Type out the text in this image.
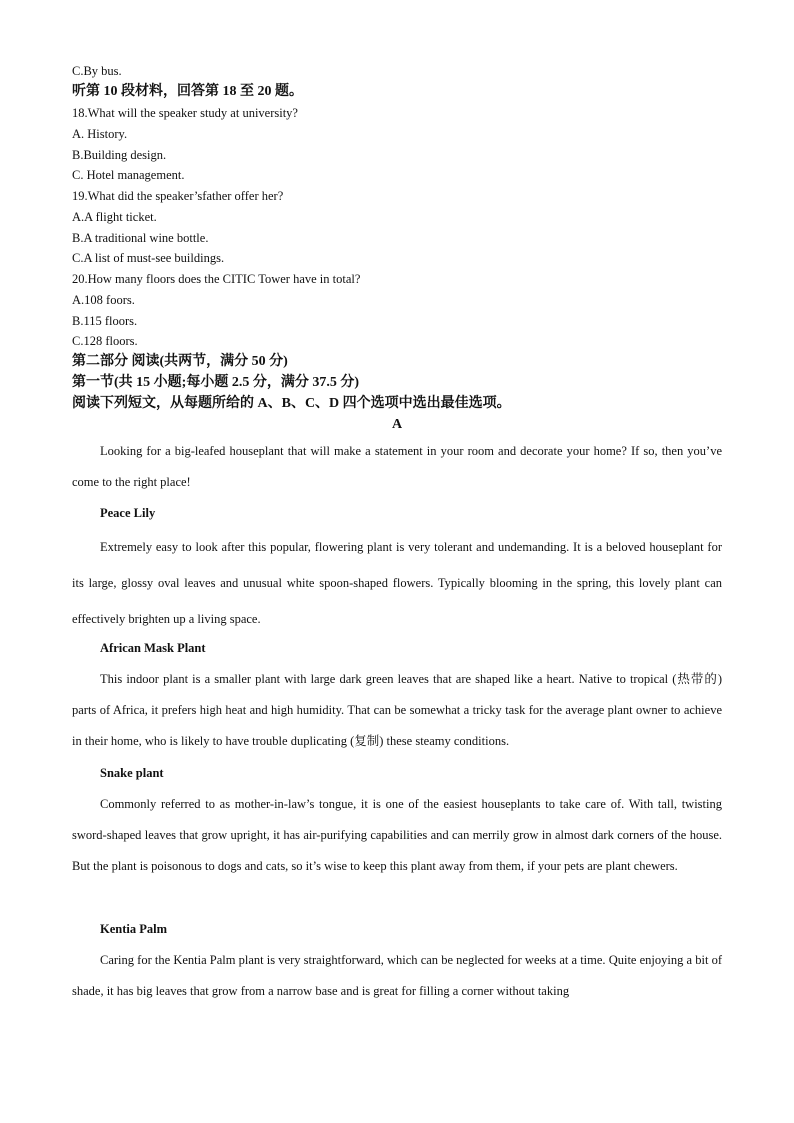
C.By bus.
听第 10 段材料，回答第 18 至 20 题。
18.What will the speaker study at university?
A. History.
B.Building design.
C. Hotel management.
19.What did the speaker’sfather offer her?
A.A flight ticket.
B.A traditional wine bottle.
C.A list of must-see buildings.
20.How many floors does the CITIC Tower have in total?
A.108 foors.
B.115 floors.
C.128 floors.
第二部分 阅读(共两节，满分 50 分)
第一节(共 15 小题;每小题 2.5 分，满分 37.5 分)
阅读下列短文，从每题所给的 A、B、C、D 四个选项中选出最佳选项。
A
Looking for a big-leafed houseplant that will make a statement in your room and decorate your home? If so, then you’ve come to the right place!
Peace Lily
Extremely easy to look after this popular, flowering plant is very tolerant and undemanding. It is a beloved houseplant for its large, glossy oval leaves and unusual white spoon-shaped flowers. Typically blooming in the spring, this lovely plant can effectively brighten up a living space.
African Mask Plant
This indoor plant is a smaller plant with large dark green leaves that are shaped like a heart. Native to tropical (热带的) parts of Africa, it prefers high heat and high humidity. That can be somewhat a tricky task for the average plant owner to achieve in their home, who is likely to have trouble duplicating (复制) these steamy conditions.
Snake plant
Commonly referred to as mother-in-law’s tongue, it is one of the easiest houseplants to take care of. With tall, twisting sword-shaped leaves that grow upright, it has air-purifying capabilities and can merrily grow in almost dark corners of the house. But the plant is poisonous to dogs and cats, so it’s wise to keep this plant away from them, if your pets are plant chewers.
Kentia Palm
Caring for the Kentia Palm plant is very straightforward, which can be neglected for weeks at a time. Quite enjoying a bit of shade, it has big leaves that grow from a narrow base and is great for filling a corner without taking
